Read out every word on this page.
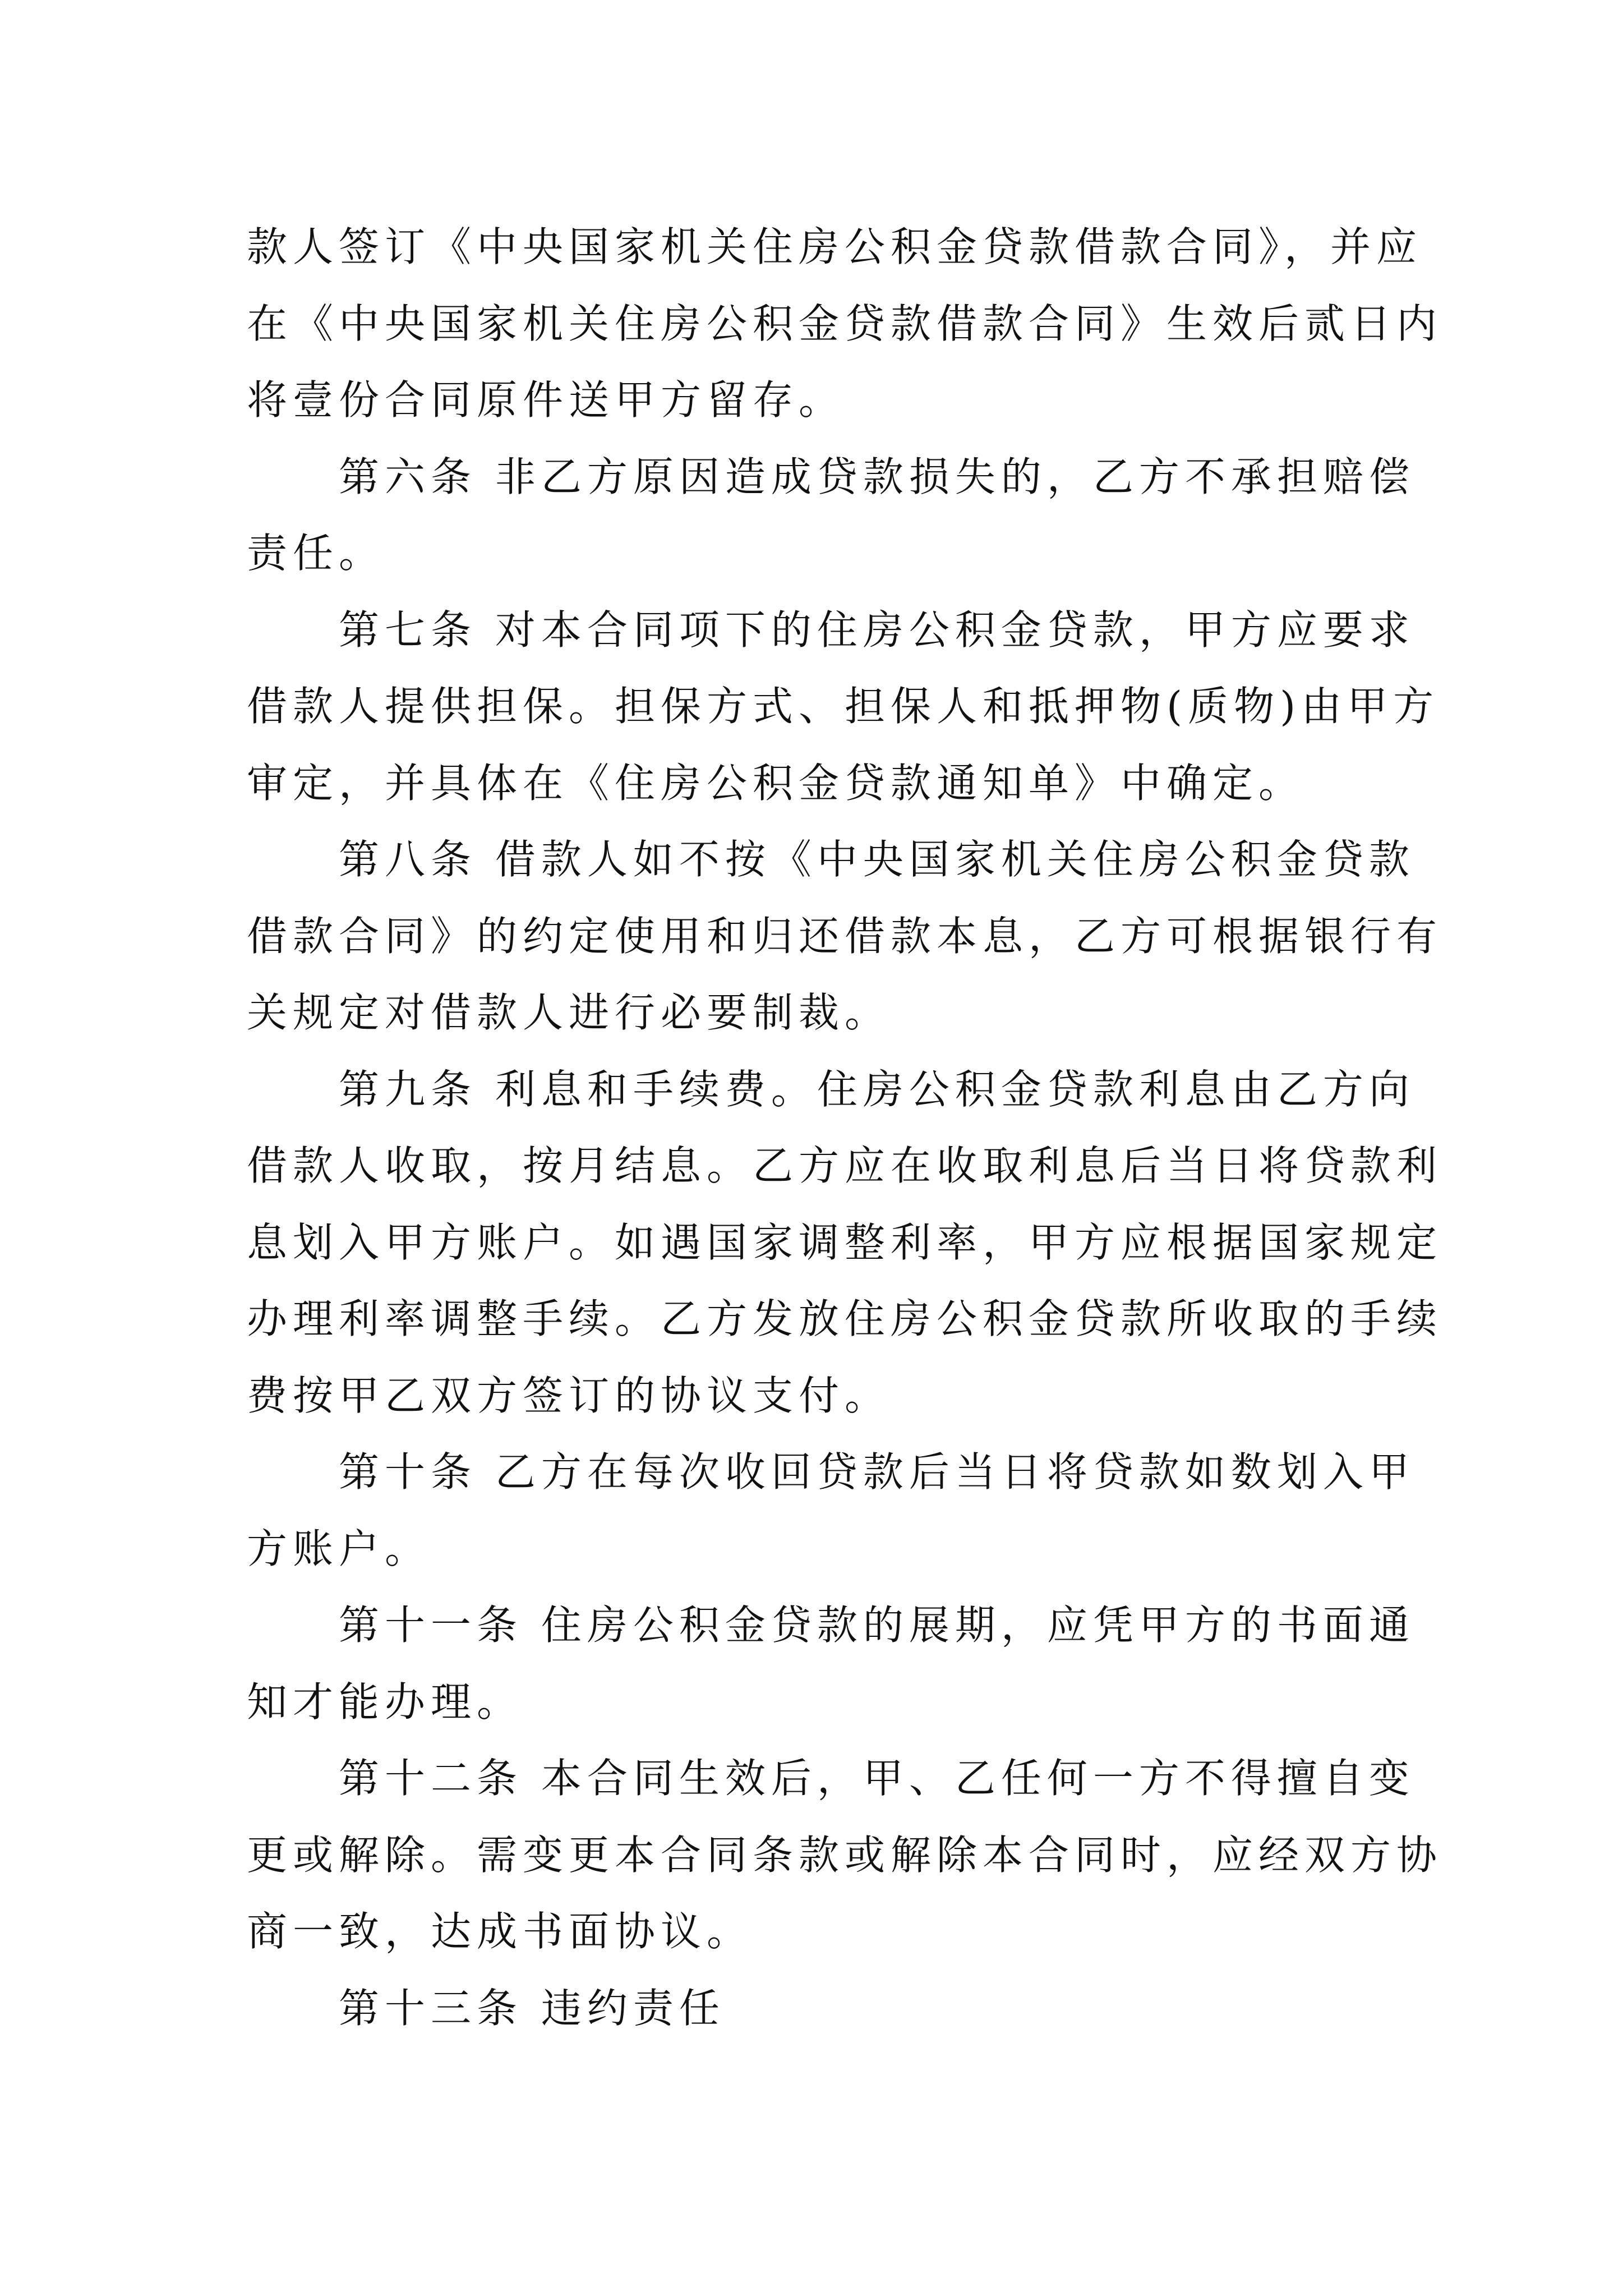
款人签订《中央国家机关住房公积金贷款借款合同》，并应
在《中央国家机关住房公积金贷款借款合同》生效后贰日内
将壹份合同原件送甲方留存。
第六条 非乙方原因造成贷款损失的，乙方不承担赔偿
责任。
第七条 对本合同项下的住房公积金贷款，甲方应要求
借款人提供担保。担保方式、担保人和抵押物(质物)由甲方
审定，并具体在《住房公积金贷款通知单》中确定。
第八条 借款人如不按《中央国家机关住房公积金贷款
借款合同》的约定使用和归还借款本息，乙方可根据银行有
关规定对借款人进行必要制裁。
第九条 利息和手续费。住房公积金贷款利息由乙方向
借款人收取，按月结息。乙方应在收取利息后当日将贷款利
息划入甲方账户。如遇国家调整利率，甲方应根据国家规定
办理利率调整手续。乙方发放住房公积金贷款所收取的手续
费按甲乙双方签订的协议支付。
第十条 乙方在每次收回贷款后当日将贷款如数划入甲
方账户。
第十一条 住房公积金贷款的展期，应凭甲方的书面通
知才能办理。
第十二条 本合同生效后，甲、乙任何一方不得擅自变
更或解除。需变更本合同条款或解除本合同时，应经双方协
商一致，达成书面协议。
第十三条 违约责任
